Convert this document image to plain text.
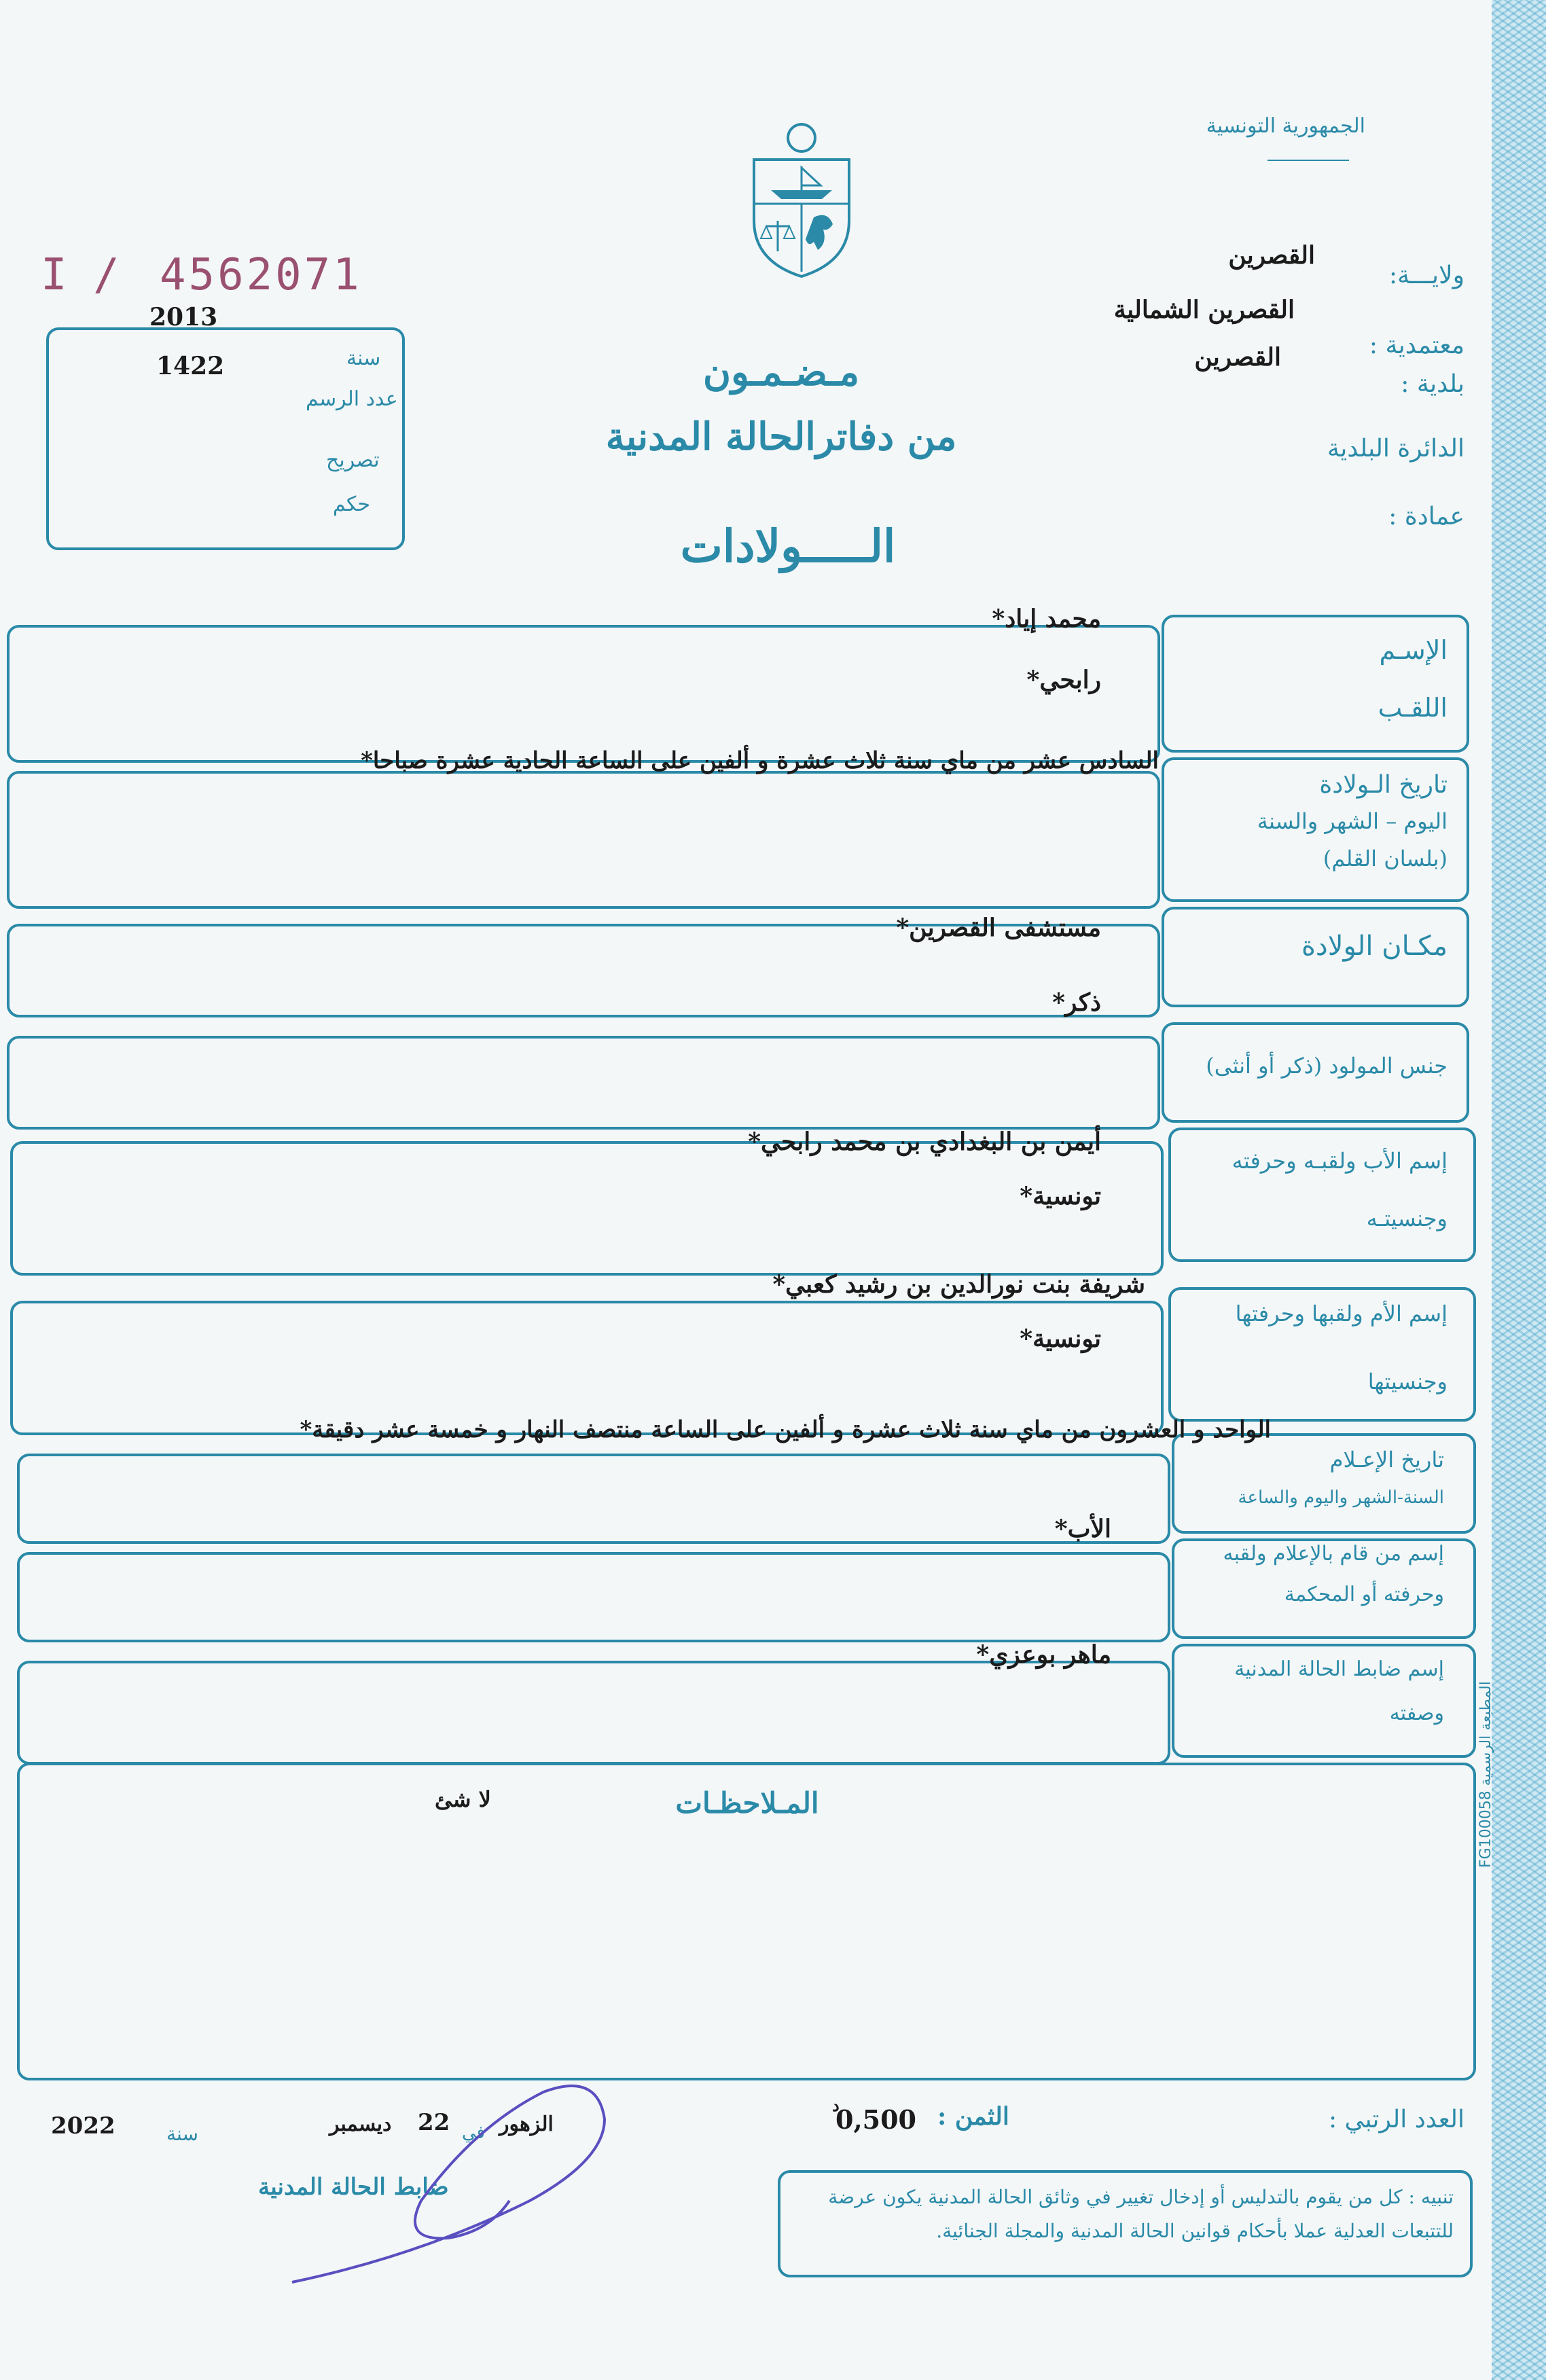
الجمهورية التونسية
ولايـــة:
القصرين
معتمدية :
القصرين الشمالية
بلدية :
القصرين
الدائرة البلدية
عمادة :
I / 4562071
2013
سنة
1422
عدد الرسم
تصريح
حكم
مـضـمـون
من دفاترالحالة المدنية
الـــــولادات
الإسـم
اللقـب
محمد إياد*
رابحي*
تاريخ الـولادة
اليوم – الشهر والسنة
(بلسان القلم)
السادس عشر من ماي سنة ثلاث عشرة و ألفين على الساعة الحادية عشرة صباحا*
مكـان الولادة
مستشفى القصرين*
جنس المولود (ذكر أو أنثى)
ذكر*
إسم الأب ولقبـه وحرفته
وجنسيتـه
أيمن بن البغدادي بن محمد رابحي*
تونسية*
إسم الأم ولقبها وحرفتها
وجنسيتها
شريفة بنت نورالدين بن رشيد كعبي*
تونسية*
تاريخ الإعـلام
السنة-الشهر واليوم والساعة
الواحد و العشرون من ماي سنة ثلاث عشرة و ألفين على الساعة منتصف النهار و خمسة عشر دقيقة*
إسم من قام بالإعلام ولقبه
وحرفته أو المحكمة
الأب*
إسم ضابط الحالة المدنية
وصفته
ماهر بوعزي*
المـلاحظـات
لا شئ	المطبعة الرسمية FG100058
العدد الرتبي :
الثمن :
0,500
د
الزهور
في
22
ديسمبر
سنة
2022
ضابط الحالة المدنية	تنبيه : كل من يقوم بالتدليس أو إدخال تغيير في وثائق الحالة المدنية يكون عرضة للتتبعات العدلية عملا بأحكام قوانين الحالة المدنية والمجلة الجنائية.
